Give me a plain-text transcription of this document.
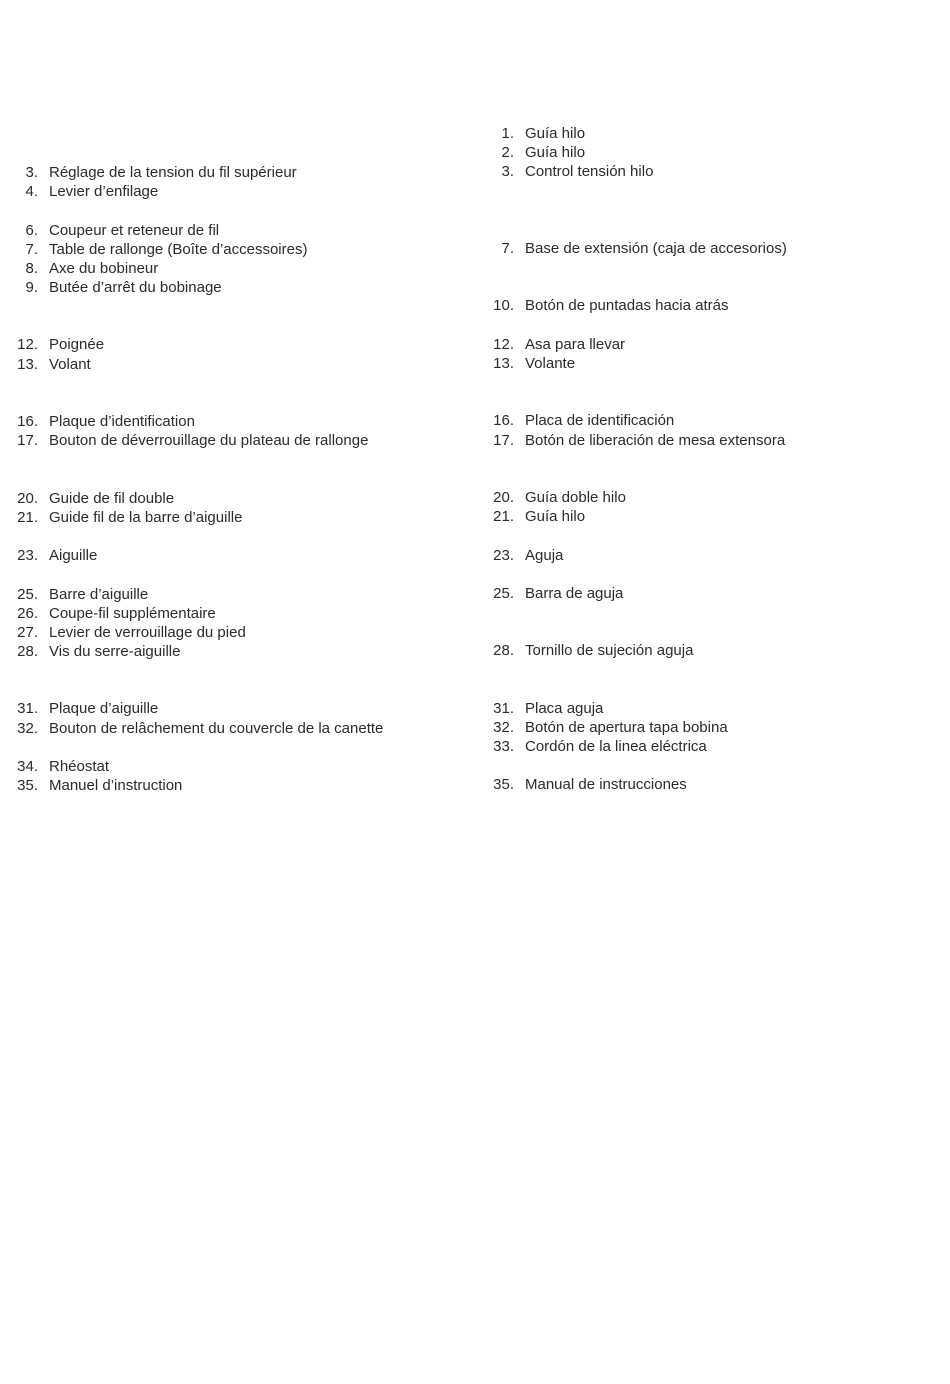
3. Réglage de la tension du fil supérieur
4. Levier d’enfilage
6. Coupeur et reteneur de fil
7. Table de rallonge (Boîte d’accessoires)
8. Axe du bobineur
9. Butée d’arrêt du bobinage
12. Poignée
13. Volant
16. Plaque d’identification
17. Bouton de déverrouillage du plateau de rallonge
20. Guide de fil double
21. Guide fil de la barre d’aiguille
23. Aiguille
25. Barre d’aiguille
26. Coupe-fil supplémentaire
27. Levier de verrouillage du pied
28. Vis du serre-aiguille
31. Plaque d’aiguille
32. Bouton de relâchement du couvercle de la canette
34. Rhéostat
35. Manuel d’instruction
1. Guía hilo
2. Guía hilo
3. Control tensión hilo
7. Base de extensión (caja de accesorios)
10. Botón de puntadas hacia atrás
12. Asa para llevar
13. Volante
16. Placa de identificación
17. Botón de liberación de mesa extensora
20. Guía doble hilo
21. Guía hilo
23. Aguja
25. Barra de aguja
28. Tornillo de sujeción aguja
31. Placa aguja
32. Botón de apertura tapa bobina
33. Cordón de la linea eléctrica
35. Manual de instrucciones
